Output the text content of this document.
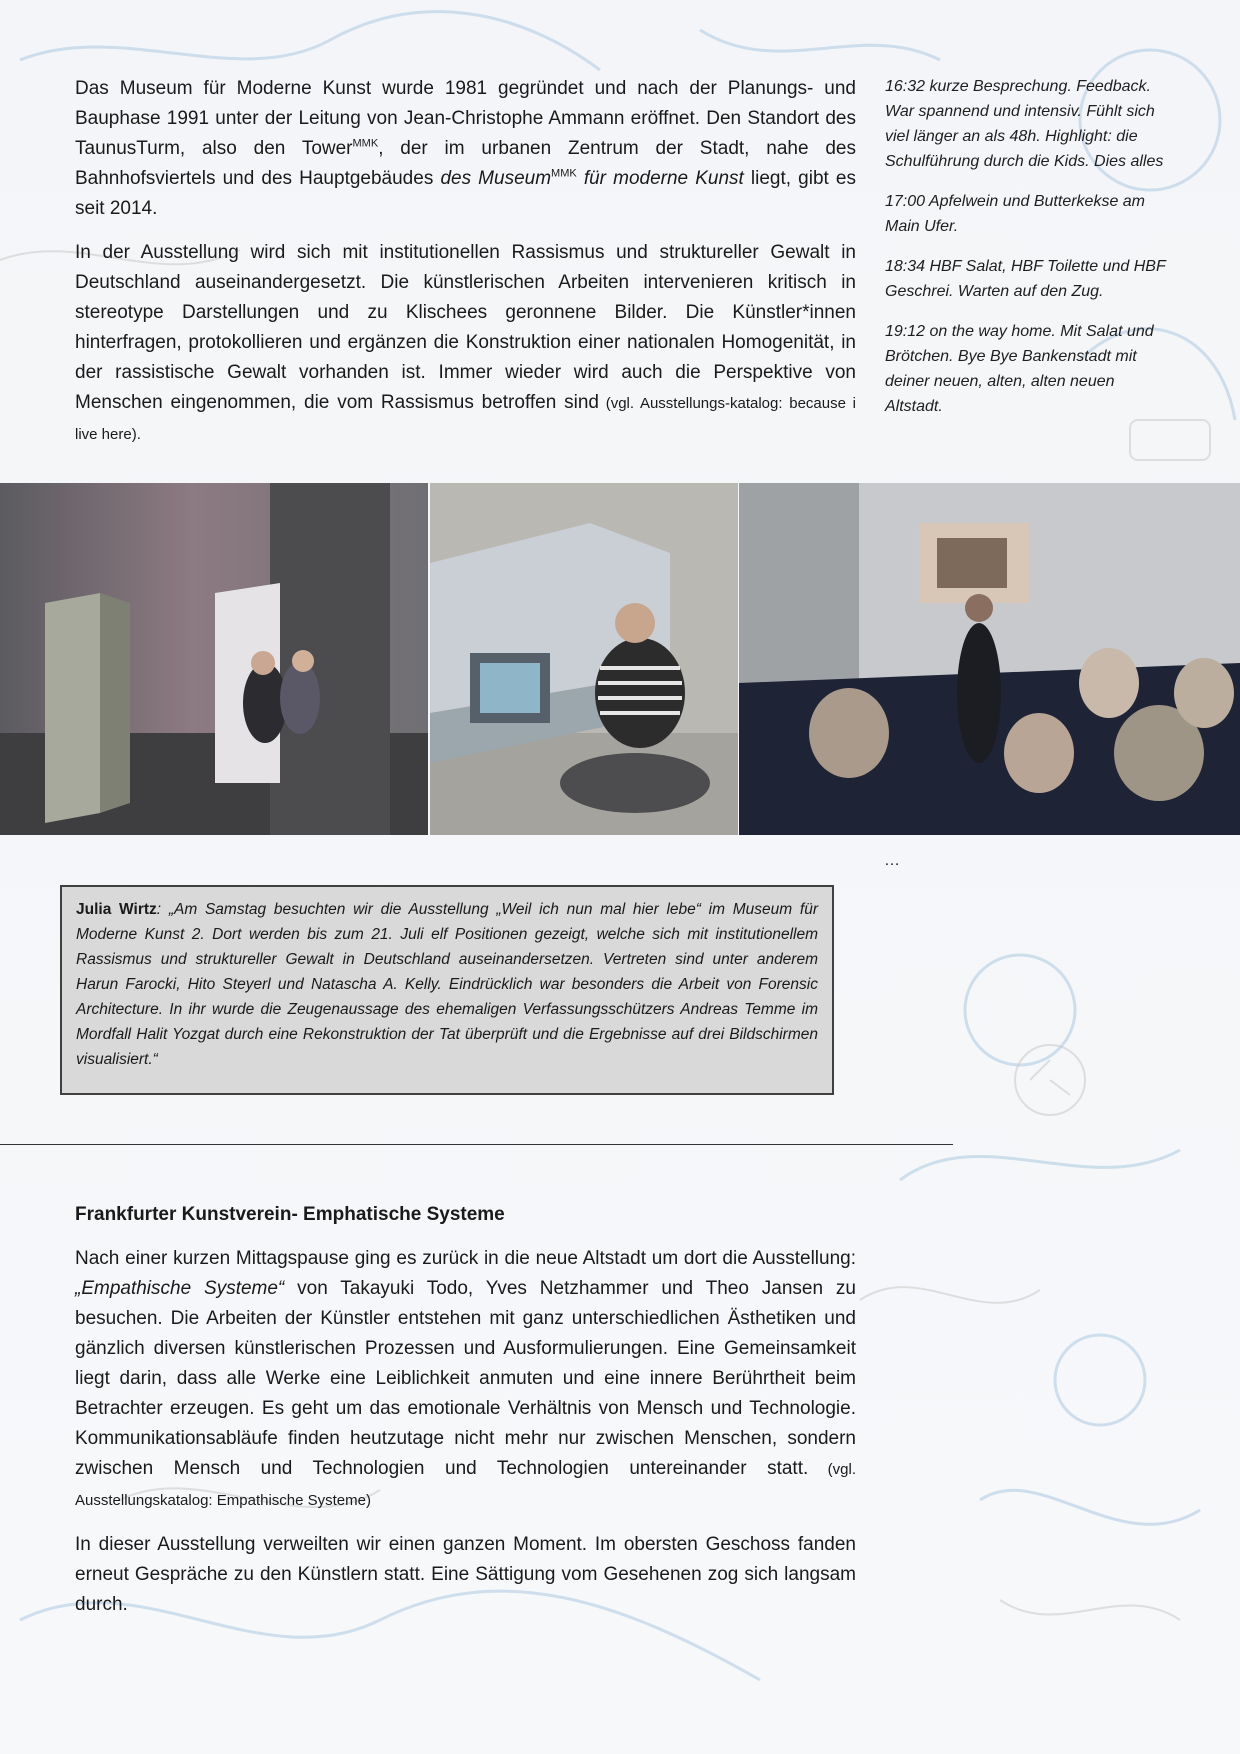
Das Museum für Moderne Kunst wurde 1981 gegründet und nach der Planungs- und Bauphase 1991 unter der Leitung von Jean-Christophe Ammann eröffnet. Den Standort des TaunusTurm, also den Tower$^{MMK}$, der im urbanen Zentrum der Stadt, nahe des Bahnhofsviertels und des Hauptgebäudes des Museum$^{MMK}$ für moderne Kunst liegt, gibt es seit 2014.

In der Ausstellung wird sich mit institutionellen Rassismus und struktureller Gewalt in Deutschland auseinandergesetzt. Die künstlerischen Arbeiten intervenieren kritisch in stereotype Darstellungen und zu Klischees geronnene Bilder. Die Künstler*innen hinterfragen, protokollieren und ergänzen die Konstruktion einer nationalen Homogenität, in der rassistische Gewalt vorhanden ist. Immer wieder wird auch die Perspektive von Menschen eingenommen, die vom Rassismus betroffen sind (vgl. Ausstellungs-katalog: because i live here).

16:32 kurze Besprechung. Feedback. War spannend und intensiv. Fühlt sich viel länger an als 48h. Highlight: die Schulführung durch die Kids. Dies alles

17:00 Apfelwein und Butterkekse am Main Ufer.

18:34 HBF Salat, HBF Toilette und HBF Geschrei. Warten auf den Zug.

19:12 on the way home. Mit Salat und Brötchen. Bye Bye Bankenstadt mit deiner neuen, alten, alten neuen Altstadt.

…
Julia Wirtz: „Am Samstag besuchten wir die Ausstellung „Weil ich nun mal hier lebe“ im Museum für Moderne Kunst 2. Dort werden bis zum 21. Juli elf Positionen gezeigt, welche sich mit institutionellem Rassismus und struktureller Gewalt in Deutschland auseinandersetzen. Vertreten sind unter anderem Harun Farocki, Hito Steyerl und Natascha A. Kelly. Eindrücklich war besonders die Arbeit von Forensic Architecture. In ihr wurde die Zeugenaussage des ehemaligen Verfassungsschützers Andreas Temme im Mordfall Halit Yozgat durch eine Rekonstruktion der Tat überprüft und die Ergebnisse auf drei Bildschirmen visualisiert.“
Frankfurter Kunstverein- Emphatische Systeme

Nach einer kurzen Mittagspause ging es zurück in die neue Altstadt um dort die Ausstellung: „Empathische Systeme“ von Takayuki Todo, Yves Netzhammer und Theo Jansen zu besuchen. Die Arbeiten der Künstler entstehen mit ganz unterschiedlichen Ästhetiken und gänzlich diversen künstlerischen Prozessen und Ausformulierungen. Eine Gemeinsamkeit liegt darin, dass alle Werke eine Leiblichkeit anmuten und eine innere Berührtheit beim Betrachter erzeugen. Es geht um das emotionale Verhältnis von Mensch und Technologie. Kommunikationsabläufe finden heutzutage nicht mehr nur zwischen Menschen, sondern zwischen Mensch und Technologien und Technologien untereinander statt. (vgl. Ausstellungskatalog: Empathische Systeme)

In dieser Ausstellung verweilten wir einen ganzen Moment. Im obersten Geschoss fanden erneut Gespräche zu den Künstlern statt. Eine Sättigung vom Gesehenen zog sich langsam durch.
